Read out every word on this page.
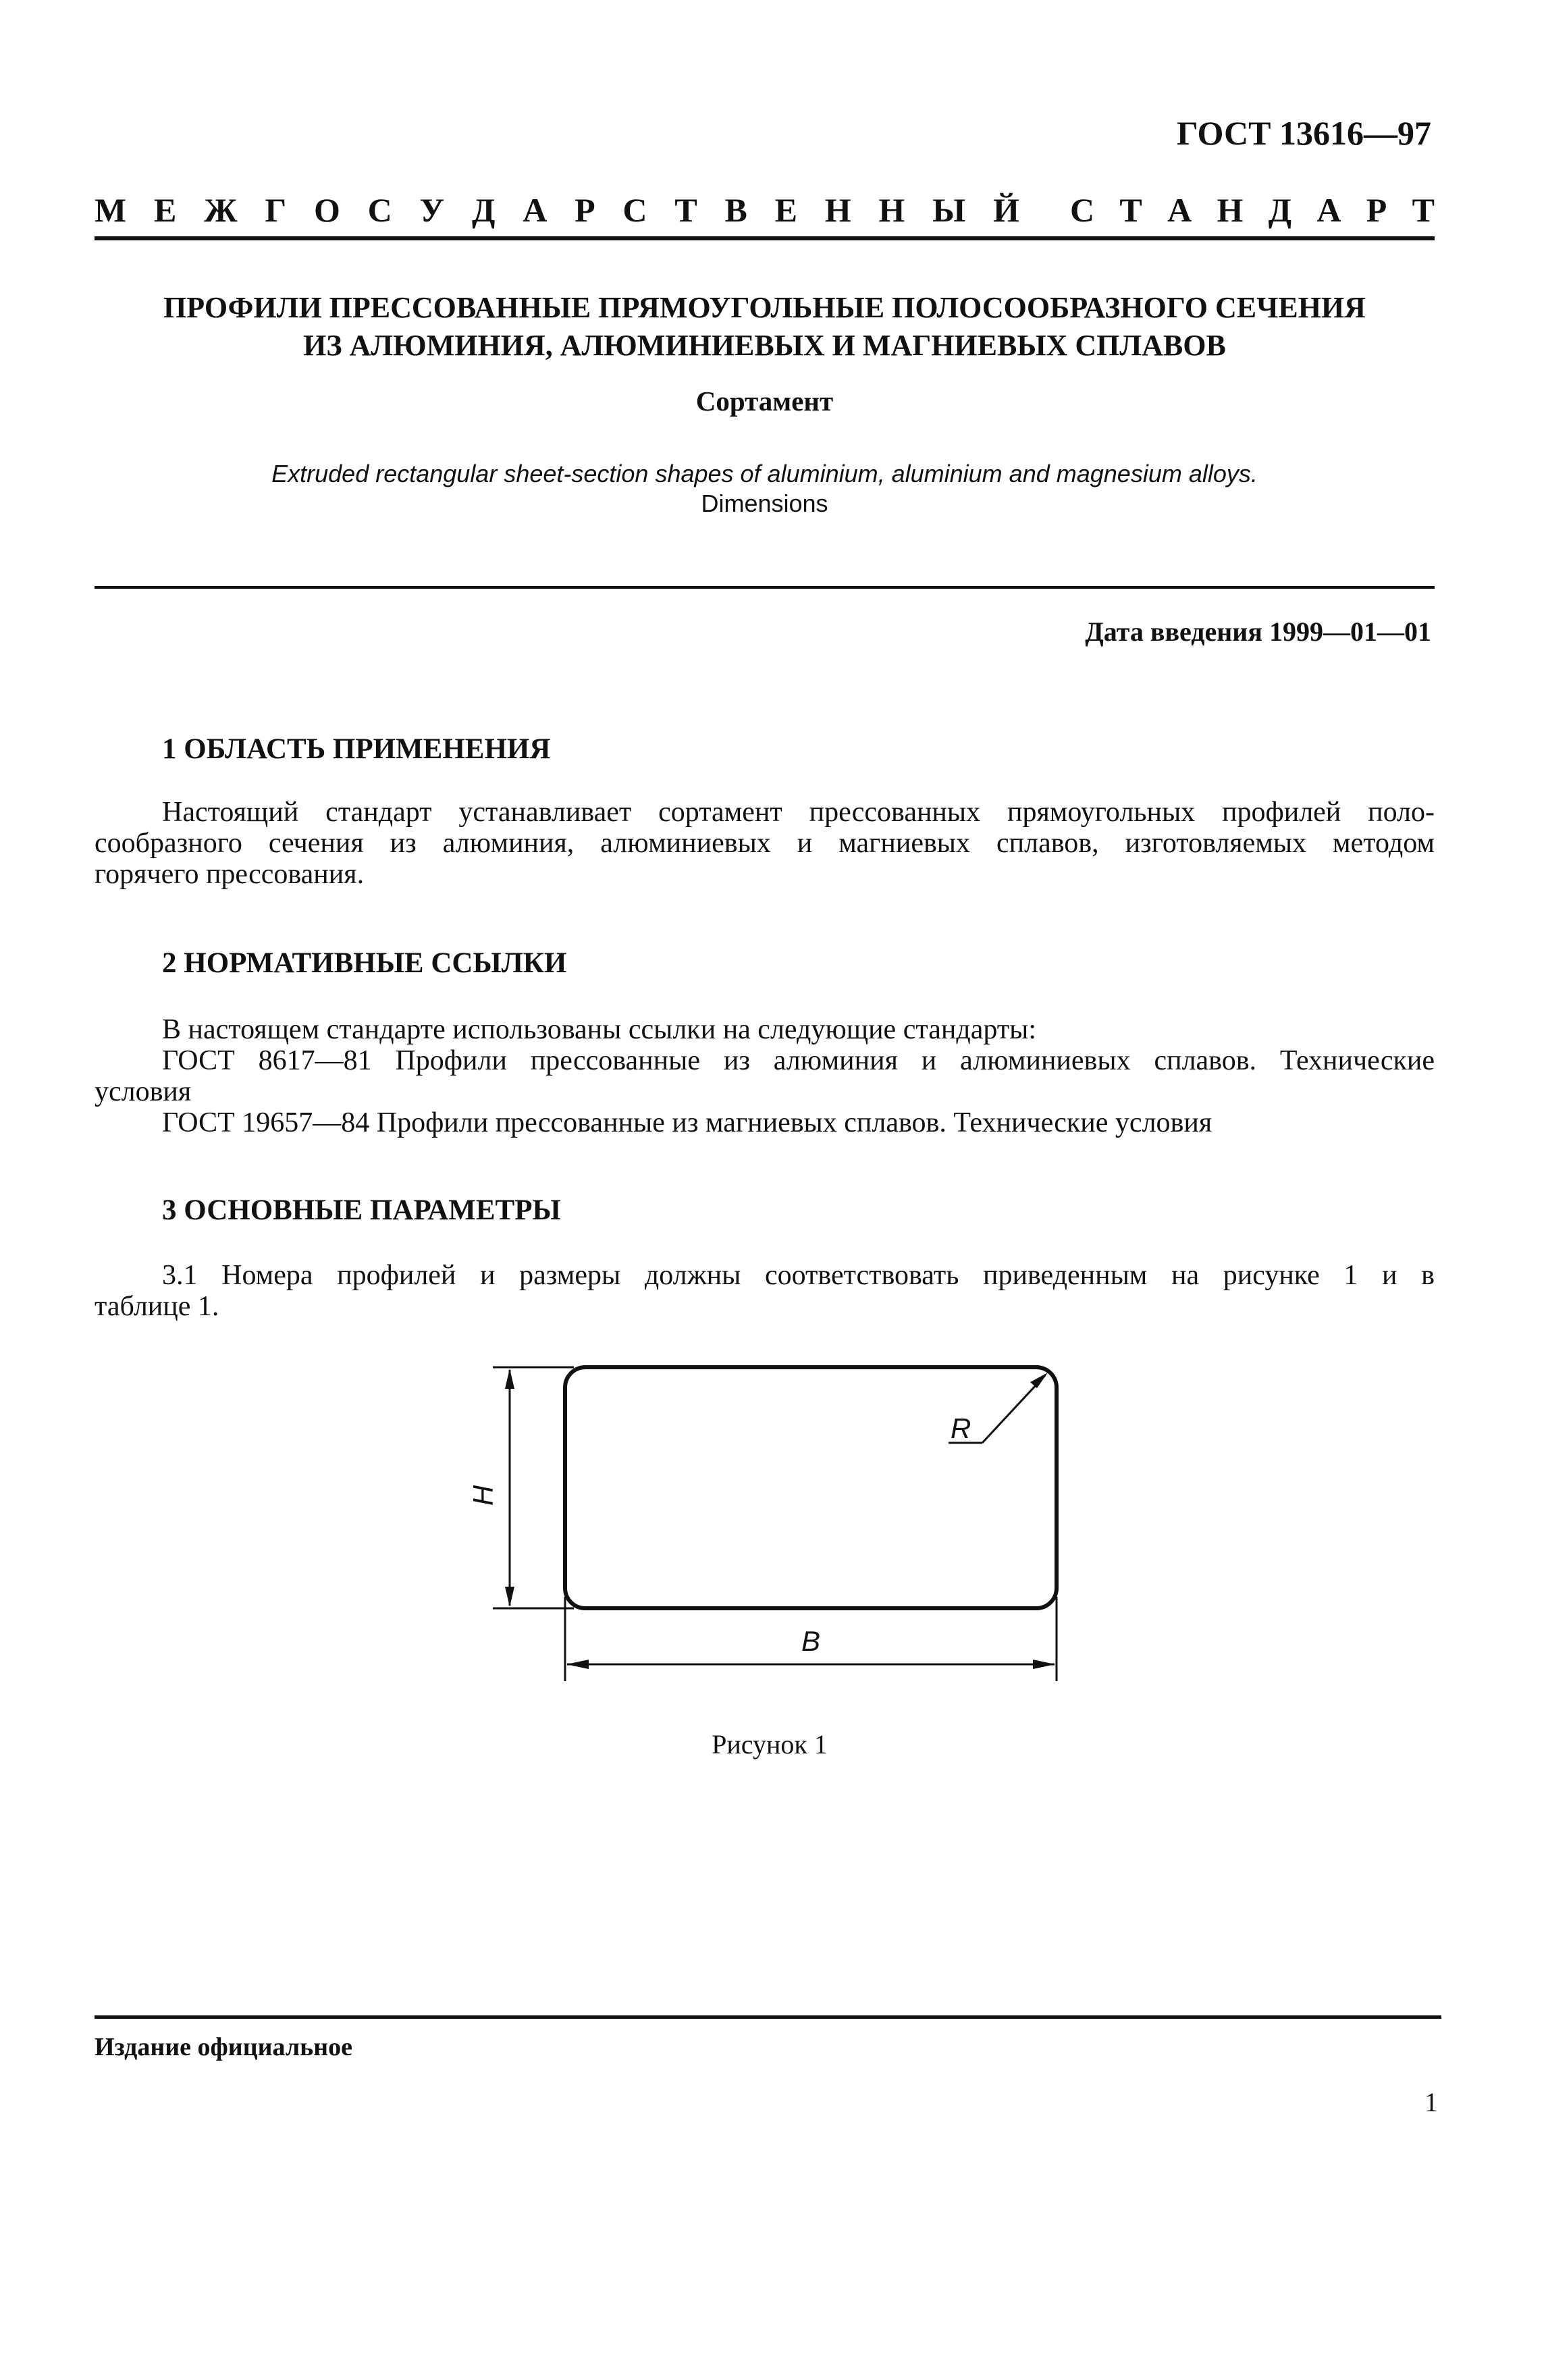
ГОСТ 13616—97
М Е Ж Г О С У Д А Р С Т В Е Н Н Ы Й С Т А Н Д А Р Т
ПРОФИЛИ ПРЕССОВАННЫЕ ПРЯМОУГОЛЬНЫЕ ПОЛОСООБРАЗНОГО СЕЧЕНИЯ
ИЗ АЛЮМИНИЯ, АЛЮМИНИЕВЫХ И МАГНИЕВЫХ СПЛАВОВ
Сортамент
Extruded rectangular sheet-section shapes of aluminium, aluminium and magnesium alloys.
Dimensions
Дата введения 1999—01—01
1 ОБЛАСТЬ ПРИМЕНЕНИЯ
Настоящий стандарт устанавливает сортамент прессованных прямоугольных профилей поло-
сообразного сечения из алюминия, алюминиевых и магниевых сплавов, изготовляемых методом
горячего прессования.
2 НОРМАТИВНЫЕ ССЫЛКИ
В настоящем стандарте использованы ссылки на следующие стандарты:
ГОСТ 8617—81 Профили прессованные из алюминия и алюминиевых сплавов. Технические
условия
ГОСТ 19657—84 Профили прессованные из магниевых сплавов. Технические условия
3 ОСНОВНЫЕ ПАРАМЕТРЫ
3.1 Номера профилей и размеры должны соответствовать приведенным на рисунке 1 и в
таблице 1.
R
B
H
Рисунок 1
Издание официальное
1
